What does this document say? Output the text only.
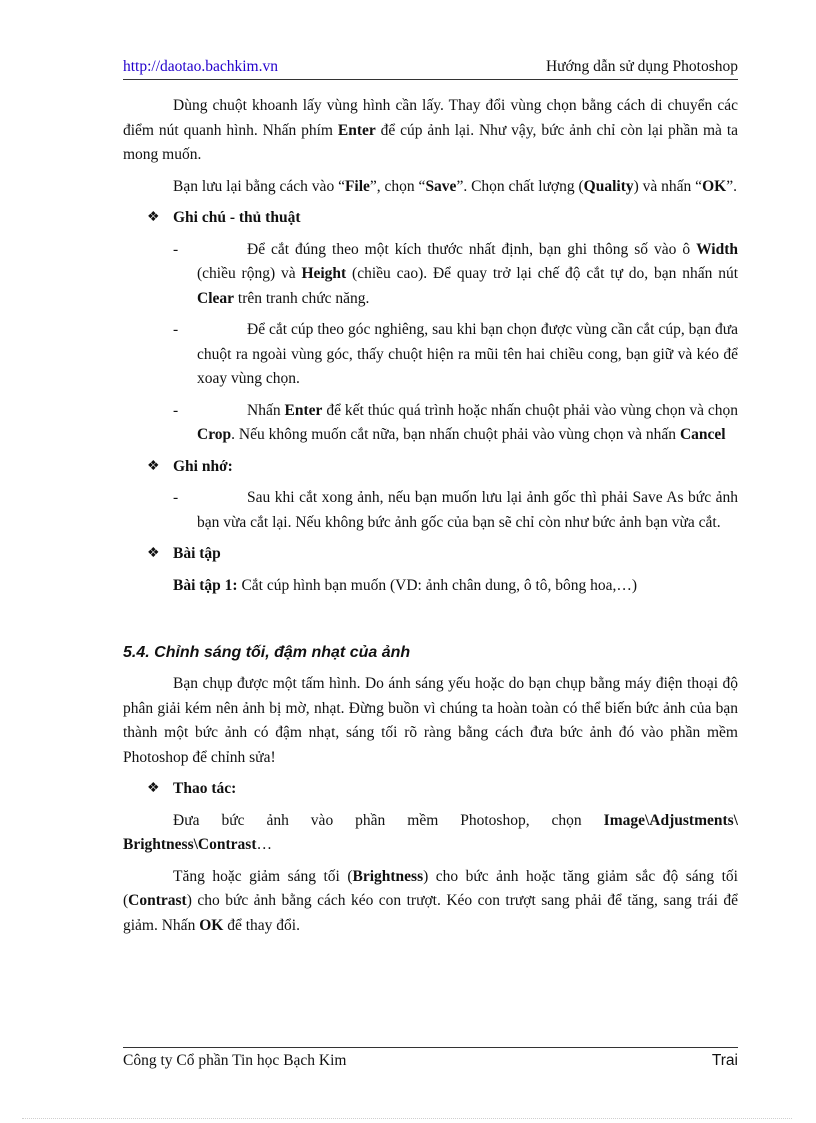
http://daotao.bachkim.vn	Hướng dẫn sử dụng Photoshop

Dùng chuột khoanh lấy vùng hình cần lấy. Thay đổi vùng chọn bằng cách di chuyển các điểm nút quanh hình. Nhấn phím Enter để cúp ảnh lại. Như vậy, bức ảnh chỉ còn lại phần mà ta mong muốn.

Bạn lưu lại bằng cách vào “File”, chọn “Save”. Chọn chất lượng (Quality) và nhấn “OK”.

❖ Ghi chú - thủ thuật
-	Để cắt đúng theo một kích thước nhất định, bạn ghi thông số vào ô Width (chiều rộng) và Height (chiều cao). Để quay trở lại chế độ cắt tự do, bạn nhấn nút Clear trên tranh chức năng.

-	Để cắt cúp theo góc nghiêng, sau khi bạn chọn được vùng cần cắt cúp, bạn đưa chuột ra ngoài vùng góc, thấy chuột hiện ra mũi tên hai chiều cong, bạn giữ và kéo để xoay vùng chọn.

-	Nhấn Enter để kết thúc quá trình hoặc nhấn chuột phải vào vùng chọn và chọn Crop. Nếu không muốn cắt nữa, bạn nhấn chuột phải vào vùng chọn và nhấn Cancel

❖ Ghi nhớ:
-	Sau khi cắt xong ảnh, nếu bạn muốn lưu lại ảnh gốc thì phải Save As bức ảnh bạn vừa cắt lại. Nếu không bức ảnh gốc của bạn sẽ chỉ còn như bức ảnh bạn vừa cắt.

❖ Bài tập
Bài tập 1: Cắt cúp hình bạn muốn (VD: ảnh chân dung, ô tô, bông hoa,…)
5.4. Chỉnh sáng tối, đậm nhạt của ảnh

Bạn chụp được một tấm hình. Do ánh sáng yếu hoặc do bạn chụp bằng máy điện thoại độ phân giải kém nên ảnh bị mờ, nhạt. Đừng buồn vì chúng ta hoàn toàn có thể biến bức ảnh của bạn thành một bức ảnh có đậm nhạt, sáng tối rõ ràng bằng cách đưa bức ảnh đó vào phần mềm Photoshop để chỉnh sửa!

❖ Thao tác:

Đưa bức ảnh vào phần mềm Photoshop, chọn Image\Adjustments\ Brightness\Contrast…

Tăng hoặc giảm sáng tối (Brightness) cho bức ảnh hoặc tăng giảm sắc độ sáng tối (Contrast) cho bức ảnh bằng cách kéo con trượt. Kéo con trượt sang phải để tăng, sang trái để giảm. Nhấn OK để thay đổi.

Công ty Cổ phần Tin học Bạch Kim	Trai
